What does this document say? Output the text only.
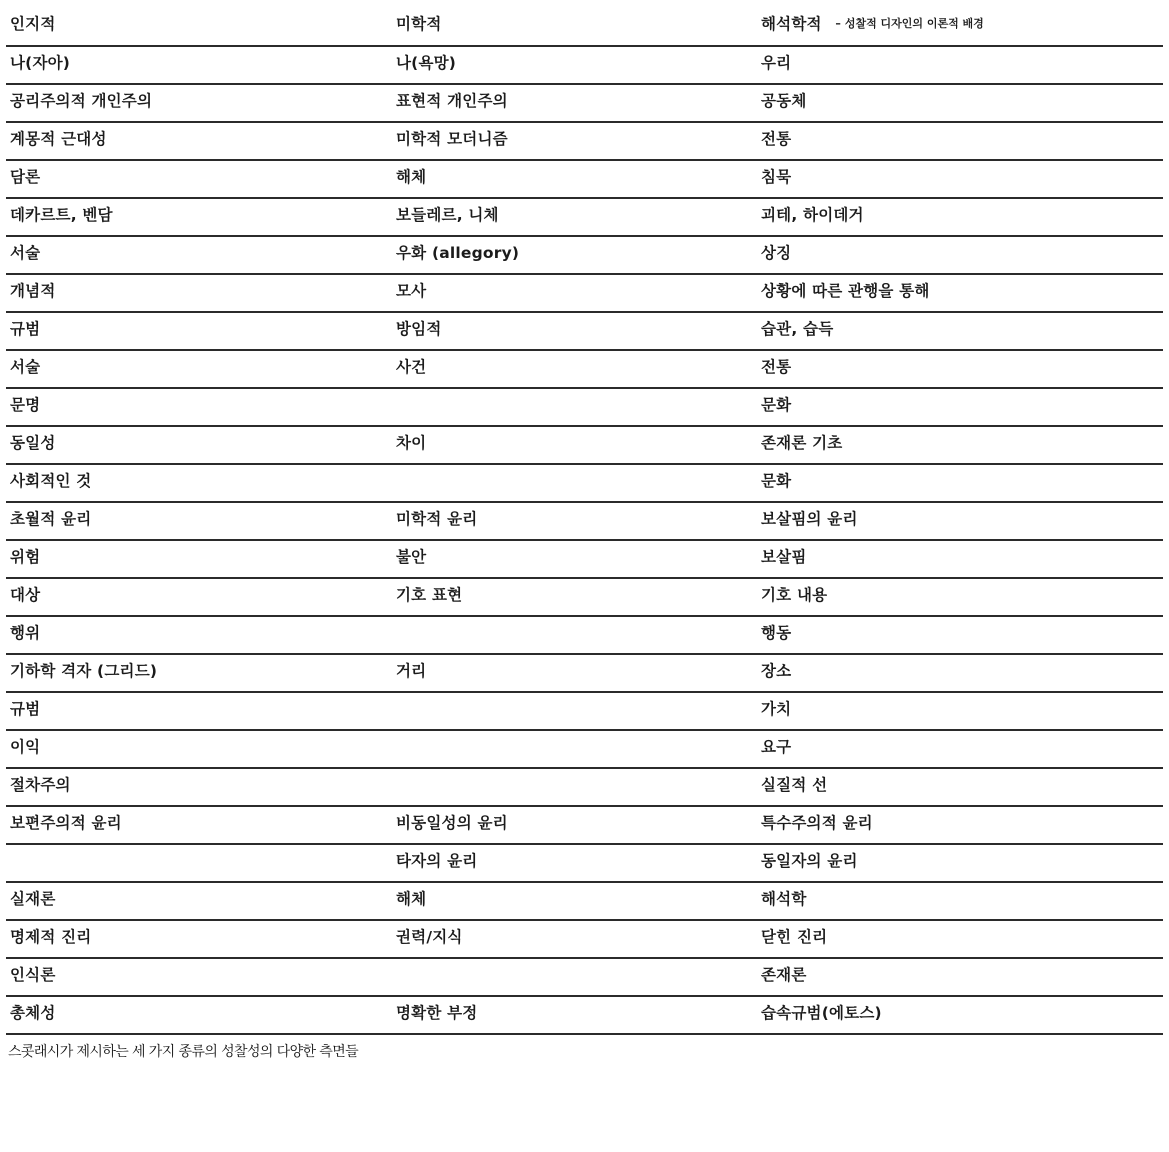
인지적	미학적	해석학적 – 성찰적 디자인의 이론적 배경
나(자아)	나(욕망)	우리
공리주의적 개인주의	표현적 개인주의	공동체
계몽적 근대성	미학적 모더니즘	전통
담론	해체	침묵
데카르트, 벤담	보들레르, 니체	괴테, 하이데거
서술	우화 (allegory)	상징
개념적	모사	상황에 따른 관행을 통해
규범	방임적	습관, 습득
서술	사건	전통
문명		문화
동일성	차이	존재론 기초
사회적인 것		문화
초월적 윤리	미학적 윤리	보살핌의 윤리
위험	불안	보살핌
대상	기호 표현	기호 내용
행위		행동
기하학 격자 (그리드)	거리	장소
규범		가치
이익		요구
절차주의		실질적 선
보편주의적 윤리	비동일성의 윤리	특수주의적 윤리
	타자의 윤리	동일자의 윤리
실재론	해체	해석학
명제적 진리	권력/지식	닫힌 진리
인식론		존재론
총체성	명확한 부정	습속규범(에토스)

스콧래시가 제시하는 세 가지 종류의 성찰성의 다양한 측면들
